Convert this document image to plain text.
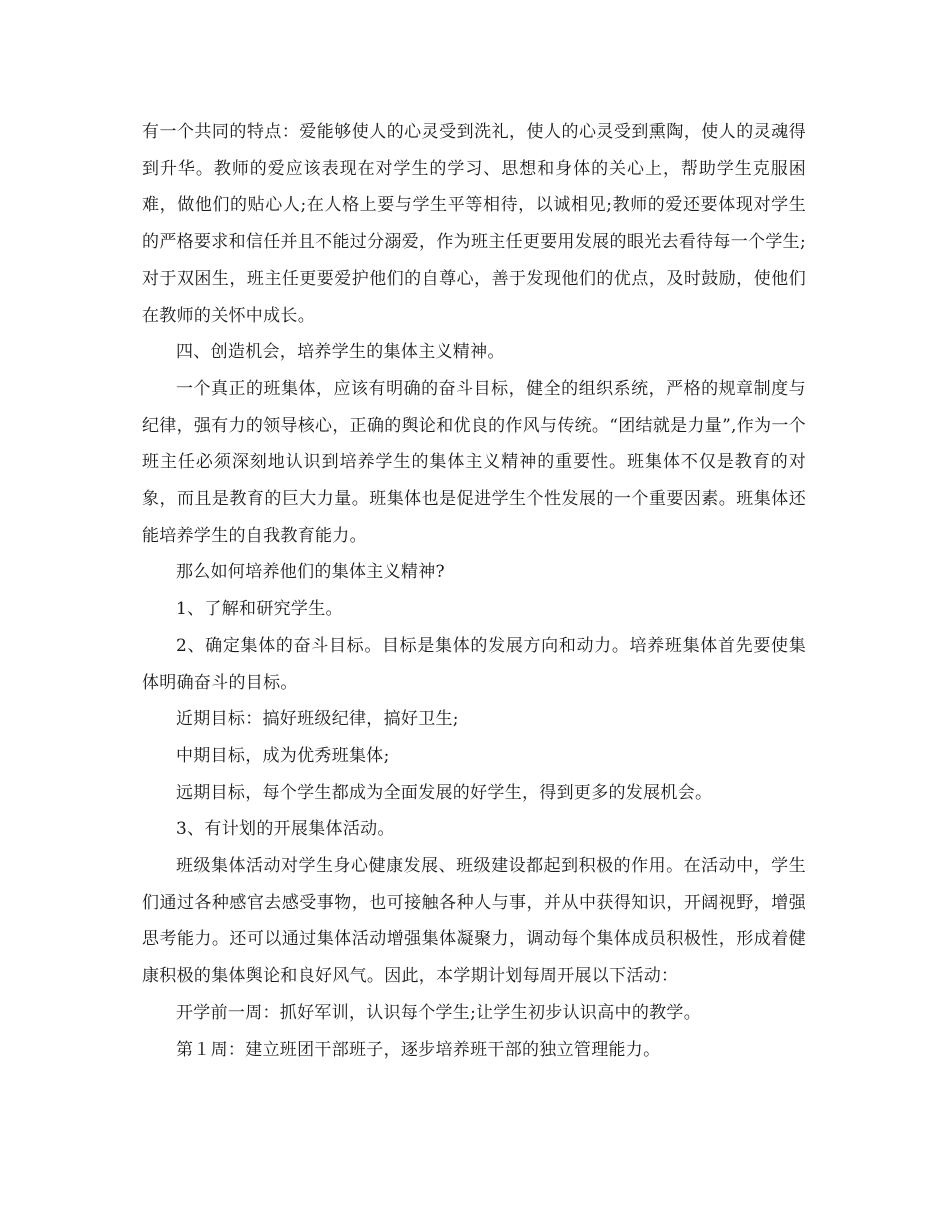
有一个共同的特点：爱能够使人的心灵受到洗礼，使人的心灵受到熏陶，使人的灵魂得到升华。教师的爱应该表现在对学生的学习、思想和身体的关心上，帮助学生克服困难，做他们的贴心人;在人格上要与学生平等相待，以诚相见;教师的爱还要体现对学生的严格要求和信任并且不能过分溺爱，作为班主任更要用发展的眼光去看待每一个学生;对于双困生，班主任更要爱护他们的自尊心，善于发现他们的优点，及时鼓励，使他们在教师的关怀中成长。

四、创造机会，培养学生的集体主义精神。

一个真正的班集体，应该有明确的奋斗目标，健全的组织系统，严格的规章制度与纪律，强有力的领导核心，正确的舆论和优良的作风与传统。“团结就是力量”,作为一个班主任必须深刻地认识到培养学生的集体主义精神的重要性。班集体不仅是教育的对象，而且是教育的巨大力量。班集体也是促进学生个性发展的一个重要因素。班集体还能培养学生的自我教育能力。

那么如何培养他们的集体主义精神?

1、了解和研究学生。

2、确定集体的奋斗目标。目标是集体的发展方向和动力。培养班集体首先要使集体明确奋斗的目标。

近期目标：搞好班级纪律，搞好卫生;

中期目标，成为优秀班集体;

远期目标，每个学生都成为全面发展的好学生，得到更多的发展机会。

3、有计划的开展集体活动。

班级集体活动对学生身心健康发展、班级建设都起到积极的作用。在活动中，学生们通过各种感官去感受事物，也可接触各种人与事，并从中获得知识，开阔视野，增强思考能力。还可以通过集体活动增强集体凝聚力，调动每个集体成员积极性，形成着健康积极的集体舆论和良好风气。因此，本学期计划每周开展以下活动：

开学前一周：抓好军训，认识每个学生;让学生初步认识高中的教学。

第１周：建立班团干部班子，逐步培养班干部的独立管理能力。
